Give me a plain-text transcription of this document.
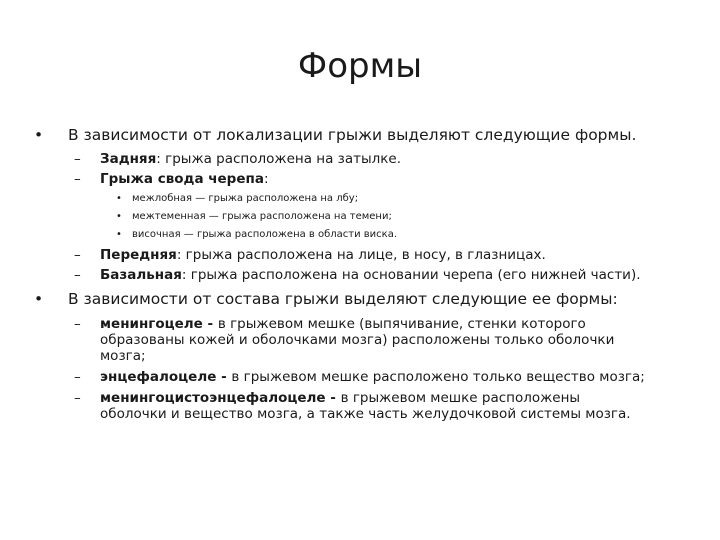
Формы
• В зависимости от локализации грыжи выделяют следующие формы.
– Задняя: грыжа расположена на затылке.
– Грыжа свода черепа:
• межлобная — грыжа расположена на лбу;
• межтеменная — грыжа расположена на темени;
• височная — грыжа расположена в области виска.
– Передняя: грыжа расположена на лице, в носу, в глазницах.
– Базальная: грыжа расположена на основании черепа (его нижней части).
• В зависимости от состава грыжи выделяют следующие ее формы:
– менингоцеле - в грыжевом мешке (выпячивание, стенки которого
образованы кожей и оболочками мозга) расположены только оболочки
мозга;
– энцефалоцеле - в грыжевом мешке расположено только вещество мозга;
– менингоцистоэнцефалоцеле - в грыжевом мешке расположены
оболочки и вещество мозга, а также часть желудочковой системы мозга.
